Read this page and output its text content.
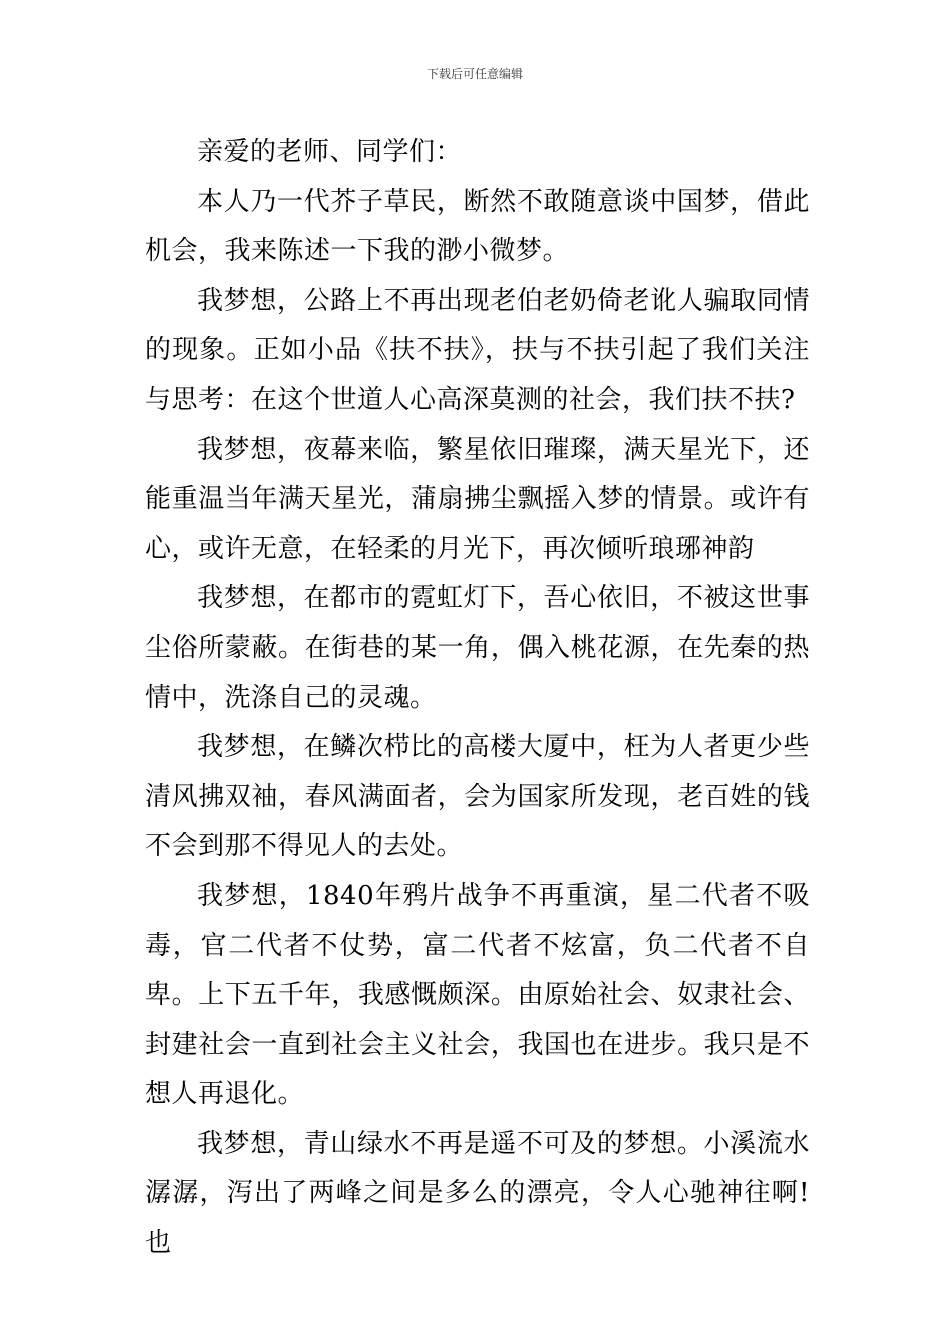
下载后可任意编辑

亲爱的老师、同学们：

本人乃一代芥子草民，断然不敢随意谈中国梦，借此机会，我来陈述一下我的渺小微梦。

我梦想，公路上不再出现老伯老奶倚老讹人骗取同情的现象。正如小品《扶不扶》，扶与不扶引起了我们关注与思考：在这个世道人心高深莫测的社会，我们扶不扶?

我梦想，夜幕来临，繁星依旧璀璨，满天星光下，还能重温当年满天星光，蒲扇拂尘飘摇入梦的情景。或许有心，或许无意，在轻柔的月光下，再次倾听琅琊神韵

我梦想，在都市的霓虹灯下，吾心依旧，不被这世事尘俗所蒙蔽。在街巷的某一角，偶入桃花源，在先秦的热情中，洗涤自己的灵魂。

我梦想，在鳞次栉比的高楼大厦中，枉为人者更少些清风拂双袖，春风满面者，会为国家所发现，老百姓的钱不会到那不得见人的去处。

我梦想，1840年鸦片战争不再重演，星二代者不吸毒，官二代者不仗势，富二代者不炫富，负二代者不自卑。上下五千年，我感慨颇深。由原始社会、奴隶社会、封建社会一直到社会主义社会，我国也在进步。我只是不想人再退化。

我梦想，青山绿水不再是遥不可及的梦想。小溪流水潺潺，泻出了两峰之间是多么的漂亮，令人心驰神往啊!也
